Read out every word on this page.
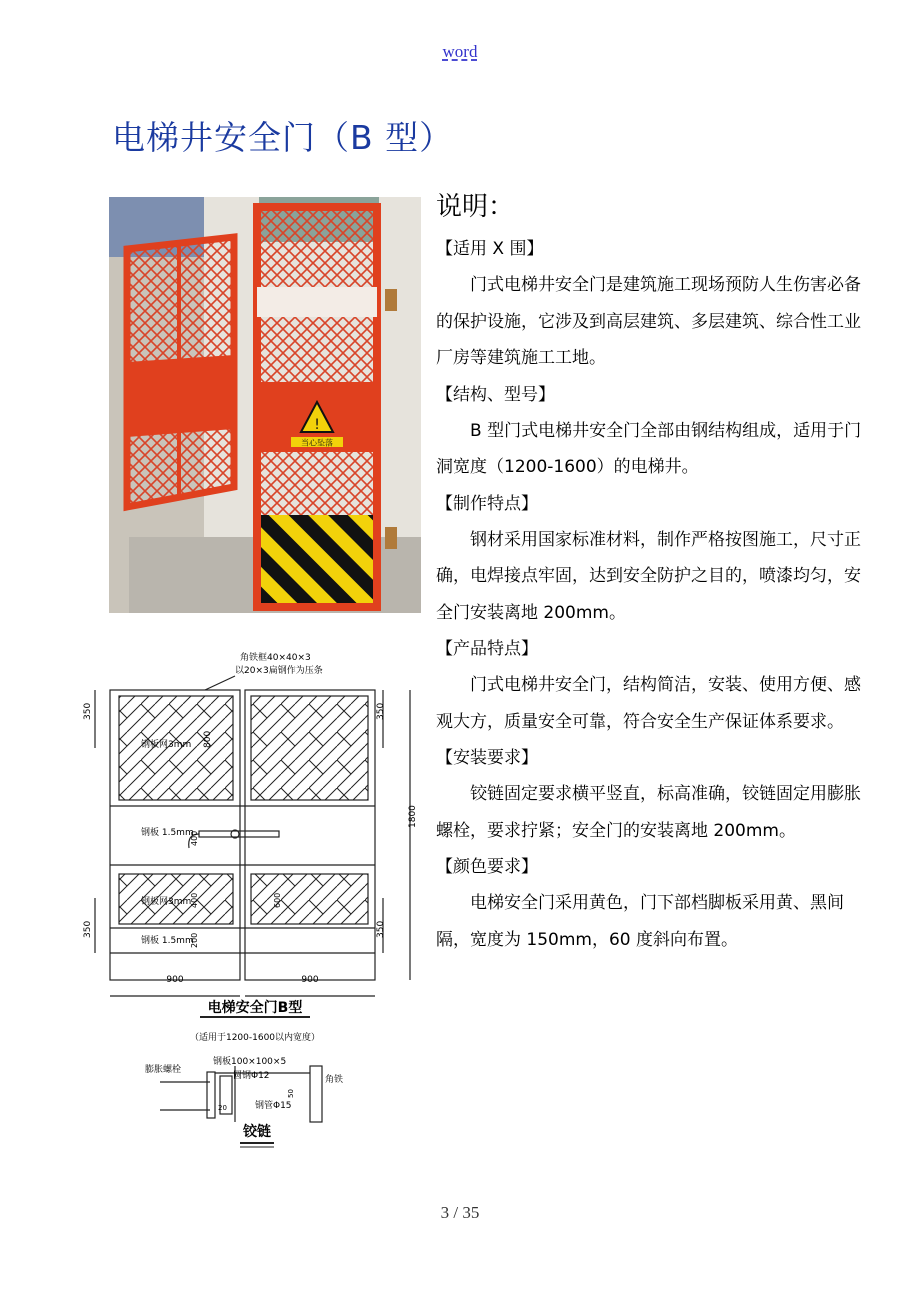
word
电梯井安全门（B 型）
!
当心坠落
角铁框40×40×3
以20×3扁钢作为压条
350	350
800
1800
钢板网3mm
钢板 1.5mm
400
钢板网3mm
400	600
钢板 1.5mm
200
350	350
900	900
电梯安全门B型
（适用于1200-1600以内宽度）
膨胀螺栓
钢板100×100×5
圆钢Φ12	角铁
钢管Φ15
50
20
铰链
说明：

【适用 X 围】

门式电梯井安全门是建筑施工现场预防人生伤害必备的保护设施，它涉及到高层建筑、多层建筑、综合性工业厂房等建筑施工工地。

【结构、型号】

B 型门式电梯井安全门全部由钢结构组成，适用于门洞宽度（1200-1600）的电梯井。

【制作特点】

钢材采用国家标准材料，制作严格按图施工，尺寸正确，电焊接点牢固，达到安全防护之目的，喷漆均匀，安全门安装离地 200mm。

【产品特点】

门式电梯井安全门，结构简洁，安装、使用方便、感观大方，质量安全可靠，符合安全生产保证体系要求。

【安装要求】

铰链固定要求横平竖直，标高准确，铰链固定用膨胀螺栓，要求拧紧；安全门的安装离地 200mm。

【颜色要求】

电梯安全门采用黄色，门下部档脚板采用黄、黑间隔，宽度为 150mm，60 度斜向布置。

3 / 35
